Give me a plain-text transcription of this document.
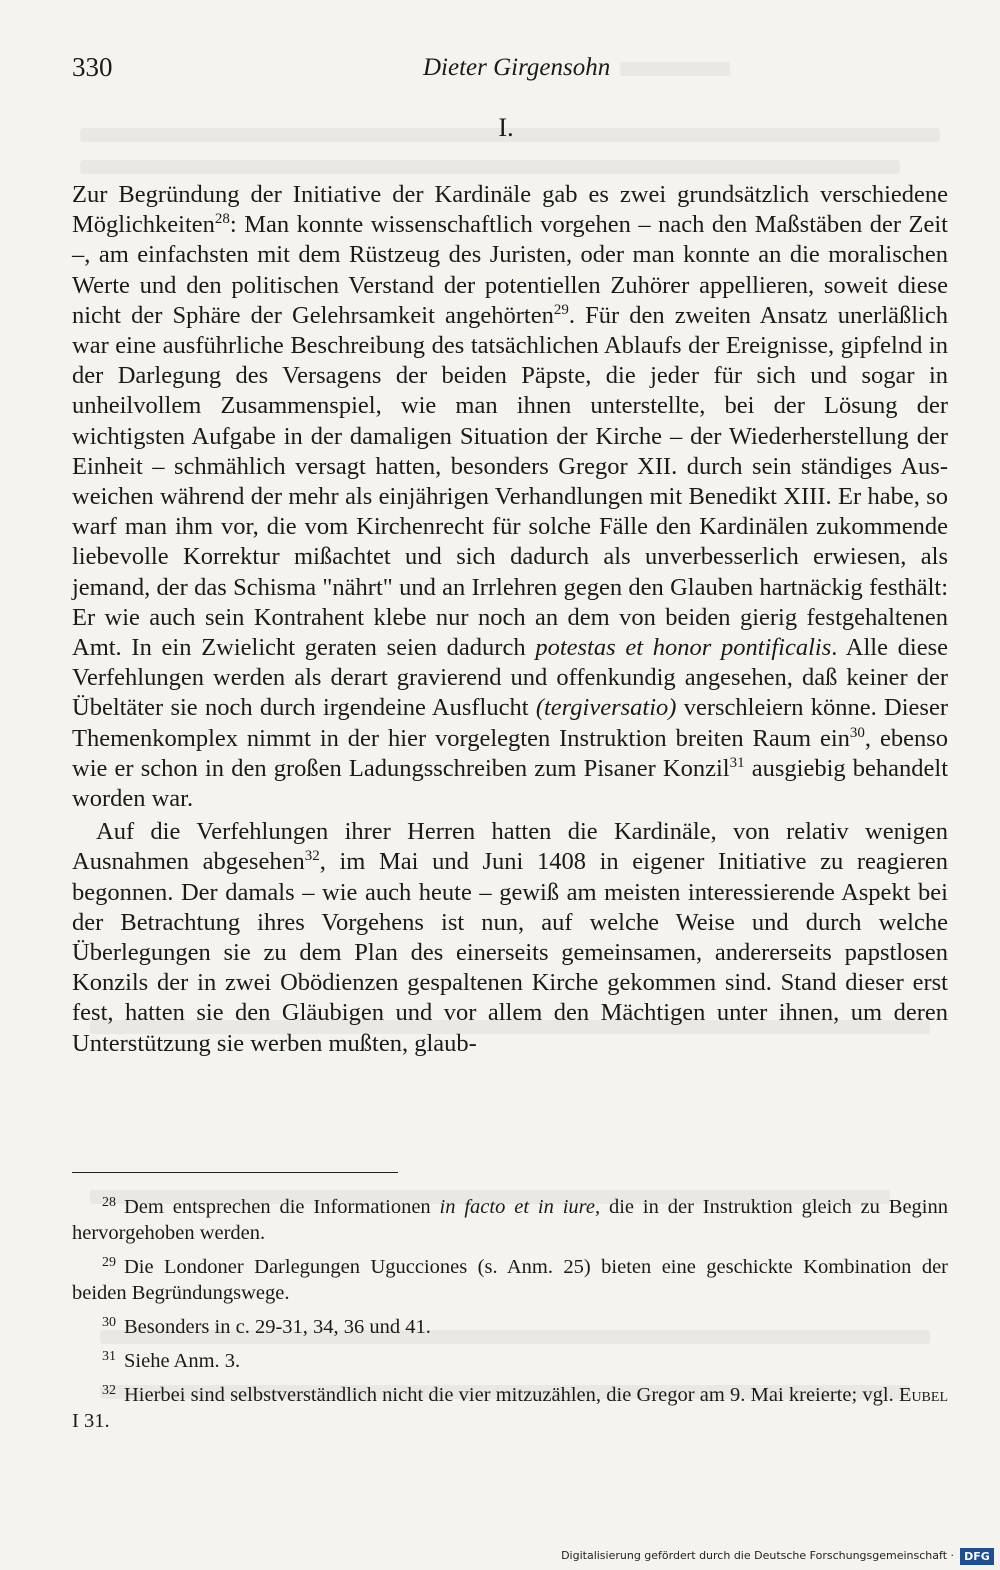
330	Dieter Girgensohn
I.

Zur Begründung der Initiative der Kardinäle gab es zwei grundsätzlich verschiedene Möglichkeiten$^{28}$: Man konnte wissenschaftlich vorgehen – nach den Maßstäben der Zeit –, am einfachsten mit dem Rüstzeug des Juristen, oder man konnte an die moralischen Werte und den politischen Verstand der potentiellen Zuhörer appellieren, soweit diese nicht der Sphäre der Gelehrsamkeit angehörten$^{29}$. Für den zweiten Ansatz unerläßlich war eine ausführliche Beschreibung des tatsächlichen Ablaufs der Ereignisse, gipfelnd in der Darlegung des Versagens der beiden Päpste, die jeder für sich und sogar in unheilvollem Zusammenspiel, wie man ihnen unterstellte, bei der Lösung der wichtigsten Aufgabe in der damaligen Situation der Kirche – der Wiederherstellung der Einheit – schmählich versagt hatten, besonders Gregor XII. durch sein ständiges Ausweichen während der mehr als einjährigen Verhandlungen mit Benedikt XIII. Er habe, so warf man ihm vor, die vom Kirchenrecht für solche Fälle den Kardinälen zukommende liebevolle Korrektur mißachtet und sich dadurch als unverbesserlich erwiesen, als jemand, der das Schisma "nährt" und an Irrlehren gegen den Glauben hartnäckig festhält: Er wie auch sein Kontrahent klebe nur noch an dem von beiden gierig festgehaltenen Amt. In ein Zwielicht geraten seien dadurch potestas et honor pontificalis. Alle diese Verfehlungen werden als derart gravierend und offenkundig angesehen, daß keiner der Übeltäter sie noch durch irgendeine Ausflucht (tergiversatio) verschleiern könne. Dieser Themenkomplex nimmt in der hier vorgelegten Instruktion breiten Raum ein$^{30}$, ebenso wie er schon in den großen Ladungsschreiben zum Pisaner Konzil$^{31}$ ausgiebig behandelt worden war.

Auf die Verfehlungen ihrer Herren hatten die Kardinäle, von relativ wenigen Ausnahmen abgesehen$^{32}$, im Mai und Juni 1408 in eigener Initiative zu reagieren begonnen. Der damals – wie auch heute – gewiß am meisten interessierende Aspekt bei der Betrachtung ihres Vorgehens ist nun, auf welche Weise und durch welche Überlegungen sie zu dem Plan des einerseits gemeinsamen, andererseits papstlosen Konzils der in zwei Obödienzen gespaltenen Kirche gekommen sind. Stand dieser erst fest, hatten sie den Gläubigen und vor allem den Mächtigen unter ihnen, um deren Unterstützung sie werben mußten, glaub-

$^{28}$ Dem entsprechen die Informationen in facto et in iure, die in der Instruktion gleich zu Beginn hervorgehoben werden.

$^{29}$ Die Londoner Darlegungen Ugucciones (s. Anm. 25) bieten eine geschickte Kombination der beiden Begründungswege.

$^{30}$ Besonders in c. 29-31, 34, 36 und 41.

$^{31}$ Siehe Anm. 3.

$^{32}$ Hierbei sind selbstverständlich nicht die vier mitzuzählen, die Gregor am 9. Mai kreierte; vgl. Eubel I 31.

Digitalisierung gefördert durch die Deutsche Forschungsgemeinschaft · DFG
